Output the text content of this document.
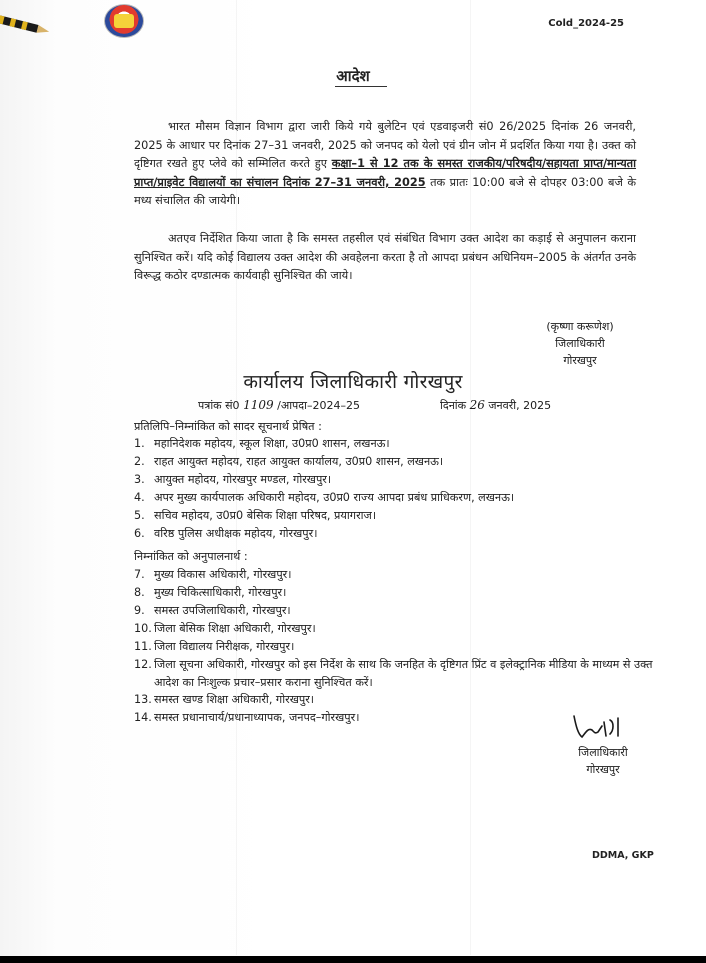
Cold_2024-25
आदेश

भारत मौसम विज्ञान विभाग द्वारा जारी किये गये बुलेटिन एवं एडवाइजरी सं0 26/2025 दिनांक 26 जनवरी, 2025 के आधार पर दिनांक 27–31 जनवरी, 2025 को जनपद को येलो एवं ग्रीन जोन में प्रदर्शित किया गया है। उक्त को दृष्टिगत रखते हुए प्लेवे को सम्मिलित करते हुए कक्षा–1 से 12 तक के समस्त राजकीय/परिषदीय/सहायता प्राप्त/मान्यता प्राप्त/प्राइवेट विद्यालयों का संचालन दिनांक 27–31 जनवरी, 2025 तक प्रातः 10:00 बजे से दोपहर 03:00 बजे के मध्य संचालित की जायेगी।

अतएव निर्देशित किया जाता है कि समस्त तहसील एवं संबंधित विभाग उक्त आदेश का कड़ाई से अनुपालन कराना सुनिश्चित करें। यदि कोई विद्यालय उक्त आदेश की अवहेलना करता है तो आपदा प्रबंधन अधिनियम–2005 के अंतर्गत उनके विरूद्ध कठोर दण्डात्मक कार्यवाही सुनिश्चित की जाये।

(कृष्णा करूणेश)
जिलाधिकारी
गोरखपुर
कार्यालय जिलाधिकारी गोरखपुर
पत्रांक सं0 1109 /आपदा–2024–25	दिनांक 26 जनवरी, 2025
प्रतिलिपि–निम्नांकित को सादर सूचनार्थ प्रेषित :
1. महानिदेशक महोदय, स्कूल शिक्षा, उ0प्र0 शासन, लखनऊ।
2. राहत आयुक्त महोदय, राहत आयुक्त कार्यालय, उ0प्र0 शासन, लखनऊ।
3. आयुक्त महोदय, गोरखपुर मण्डल, गोरखपुर।
4. अपर मुख्य कार्यपालक अधिकारी महोदय, उ0प्र0 राज्य आपदा प्रबंध प्राधिकरण, लखनऊ।
5. सचिव महोदय, उ0प्र0 बेसिक शिक्षा परिषद, प्रयागराज।
6. वरिष्ठ पुलिस अधीक्षक महोदय, गोरखपुर।
निम्नांकित को अनुपालनार्थ :
7. मुख्य विकास अधिकारी, गोरखपुर।
8. मुख्य चिकित्साधिकारी, गोरखपुर।
9. समस्त उपजिलाधिकारी, गोरखपुर।
10. जिला बेसिक शिक्षा अधिकारी, गोरखपुर।
11. जिला विद्यालय निरीक्षक, गोरखपुर।
12. जिला सूचना अधिकारी, गोरखपुर को इस निर्देश के साथ कि जनहित के दृष्टिगत प्रिंट व इलेक्ट्रानिक मीडिया के माध्यम से उक्त आदेश का निःशुल्क प्रचार–प्रसार कराना सुनिश्चित करें।
13. समस्त खण्ड शिक्षा अधिकारी, गोरखपुर।
14. समस्त प्रधानाचार्य/प्रधानाध्यापक, जनपद–गोरखपुर।
जिलाधिकारी
गोरखपुर
DDMA, GKP
